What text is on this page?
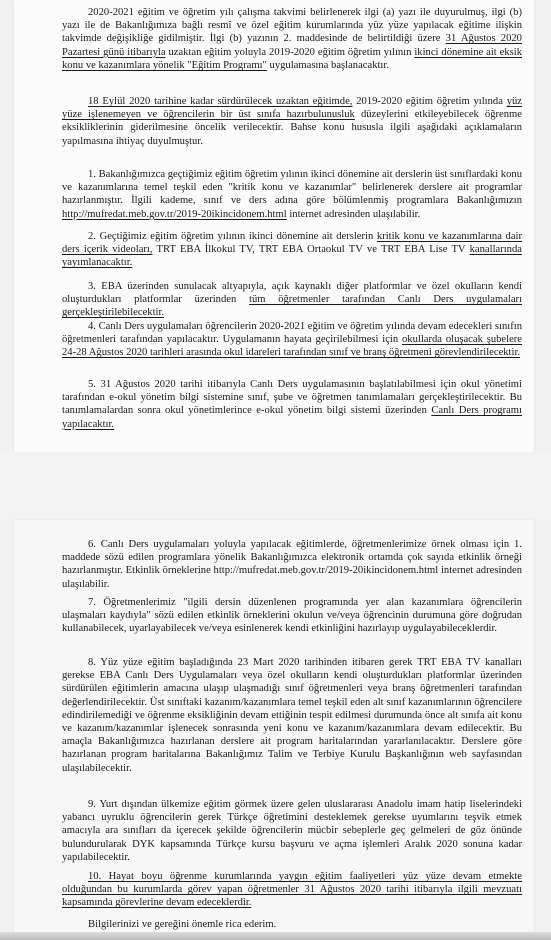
2020-2021 eğitim ve öğretim yılı çalışma takvimi belirlenerek ilgi (a) yazı ile duyurulmuş, ilgi (b) yazı ile de Bakanlığımıza bağlı resmî ve özel eğitim kurumlarında yüz yüze yapılacak eğitime ilişkin takvimde değişikliğe gidilmiştir. İlgi (b) yazının 2. maddesinde de belirtildiği üzere 31 Ağustos 2020 Pazartesi günü itibarıyla uzaktan eğitim yoluyla 2019-2020 eğitim öğretim yılının ikinci dönemine ait eksik konu ve kazanımlara yönelik "Eğitim Programı" uygulamasına başlanacaktır.
18 Eylül 2020 tarihine kadar sürdürülecek uzaktan eğitimde, 2019-2020 eğitim öğretim yılında yüz yüze işlenemeyen ve öğrencilerin bir üst sınıfa hazırbulunusluk düzeylerini etkileyebilecek öğrenme eksikliklerinin giderilmesine öncelik verilecektir. Bahse konu hususla ilgili aşağıdaki açıklamaların yapılmasına ihtiyaç duyulmuştur.
1. Bakanlığımızca geçtiğimiz eğitim öğretim yılının ikinci dönemine ait derslerin üst sınıflardaki konu ve kazanımlarına temel teşkil eden "kritik konu ve kazanımlar" belirlenerek derslere ait programlar hazırlanmıştır. İlgili kademe, sınıf ve ders adına göre bölümlenmiş programlara Bakanlığımızın http://mufredat.meb.gov.tr/2019-20ikincidonem.html internet adresinden ulaşılabilir.
2. Geçtiğimiz eğitim öğretim yılının ikinci dönemine ait derslerin kritik konu ve kazanımlarına dair ders içerik videoları, TRT EBA İlkokul TV, TRT EBA Ortaokul TV ve TRT EBA Lise TV kanallarında yayımlanacaktır.
3. EBA üzerinden sunulacak altyapıyla, açık kaynaklı diğer platformlar ve özel okulların kendi oluşturdukları platformlar üzerinden tüm öğretmenler tarafından Canlı Ders uygulamaları gerçekleştirilebilecektir.
4. Canlı Ders uygulamaları öğrencilerin 2020-2021 eğitim ve öğretim yılında devam edecekleri sınıfın öğretmenleri tarafından yapılacaktır. Uygulamanın hayata geçirilebilmesi için okullarda oluşacak şubelere 24-28 Ağustos 2020 tarihleri arasında okul idareleri tarafından sınıf ve branş öğretmeni görevlendirilecektir.
5. 31 Ağustos 2020 tarihi itibarıyla Canlı Ders uygulamasının başlatılabilmesi için okul yönetimi tarafından e-okul yönetim bilgi sistemine sınıf, şube ve öğretmen tanımlamaları gerçekleştirilecektir. Bu tanımlamalardan sonra okul yönetimlerince e-okul yönetim bilgi sistemi üzerinden Canlı Ders programı yapılacaktır.
6. Canlı Ders uygulamaları yoluyla yapılacak eğitimlerde, öğretmenlerimize örnek olması için 1. maddede sözü edilen programlara yönelik Bakanlığımızca elektronik ortamda çok sayıda etkinlik örneği hazırlanmıştır. Etkinlik örneklerine http://mufredat.meb.gov.tr/2019-20ikincidonem.html internet adresinden ulaşılabilir.
7. Öğretmenlerimiz "ilgili dersin düzenlenen programında yer alan kazanımlara öğrencilerin ulaşmaları kaydıyla" sözü edilen etkinlik örneklerini okulun ve/veya öğrencinin durumuna göre doğrudan kullanabilecek, uyarlayabilecek ve/veya esinlenerek kendi etkinliğini hazırlayıp uygulayabileceklerdir.
8. Yüz yüze eğitim başladığında 23 Mart 2020 tarihinden itibaren gerek TRT EBA TV kanalları gerekse EBA Canlı Ders Uygulamaları veya özel okulların kendi oluşturdukları platformlar üzerinden sürdürülen eğitimlerin amacına ulaşıp ulaşmadığı sınıf öğretmenleri veya branş öğretmenleri tarafından değerlendirilecektir. Üst sınıftaki kazanım/kazanımlara temel teşkil eden alt sınıf kazanımlarının öğrencilere edindirilemediği ve öğrenme eksikliğinin devam ettiğinin tespit edilmesi durumunda önce alt sınıfa ait konu ve kazanım/kazanımlar işlenecek sonrasında yeni konu ve kazanım/kazanımlara devam edilecektir. Bu amaçla Bakanlığımızca hazırlanan derslere ait program haritalarından yararlanılacaktır. Derslere göre hazırlanan program haritalarına Bakanlığımız Talim ve Terbiye Kurulu Başkanlığının web sayfasından ulaşılabilecektir.
9. Yurt dışından ülkemize eğitim görmek üzere gelen uluslararası Anadolu imam hatip liselerindeki yabancı uyruklu öğrencilerin gerek Türkçe öğretimini desteklemek gerekse uyumlarını teşvik etmek amacıyla ara sınıfları da içerecek şekilde öğrencilerin mücbir sebeplerle geç gelmeleri de göz önünde bulundurularak DYK kapsamında Türkçe kursu başvuru ve açma işlemleri Aralık 2020 sonuna kadar yapılabilecektir.
10. Hayat boyu öğrenme kurumlarında yaygın eğitim faaliyetleri yüz yüze devam etmekte olduğundan bu kurumlarda görev yapan öğretmenler 31 Ağustos 2020 tarihi itibarıyla ilgili mevzuatı kapsamında görevlerine devam edeceklerdir.
Bilgilerinizi ve gereğini önemle rica ederim.
